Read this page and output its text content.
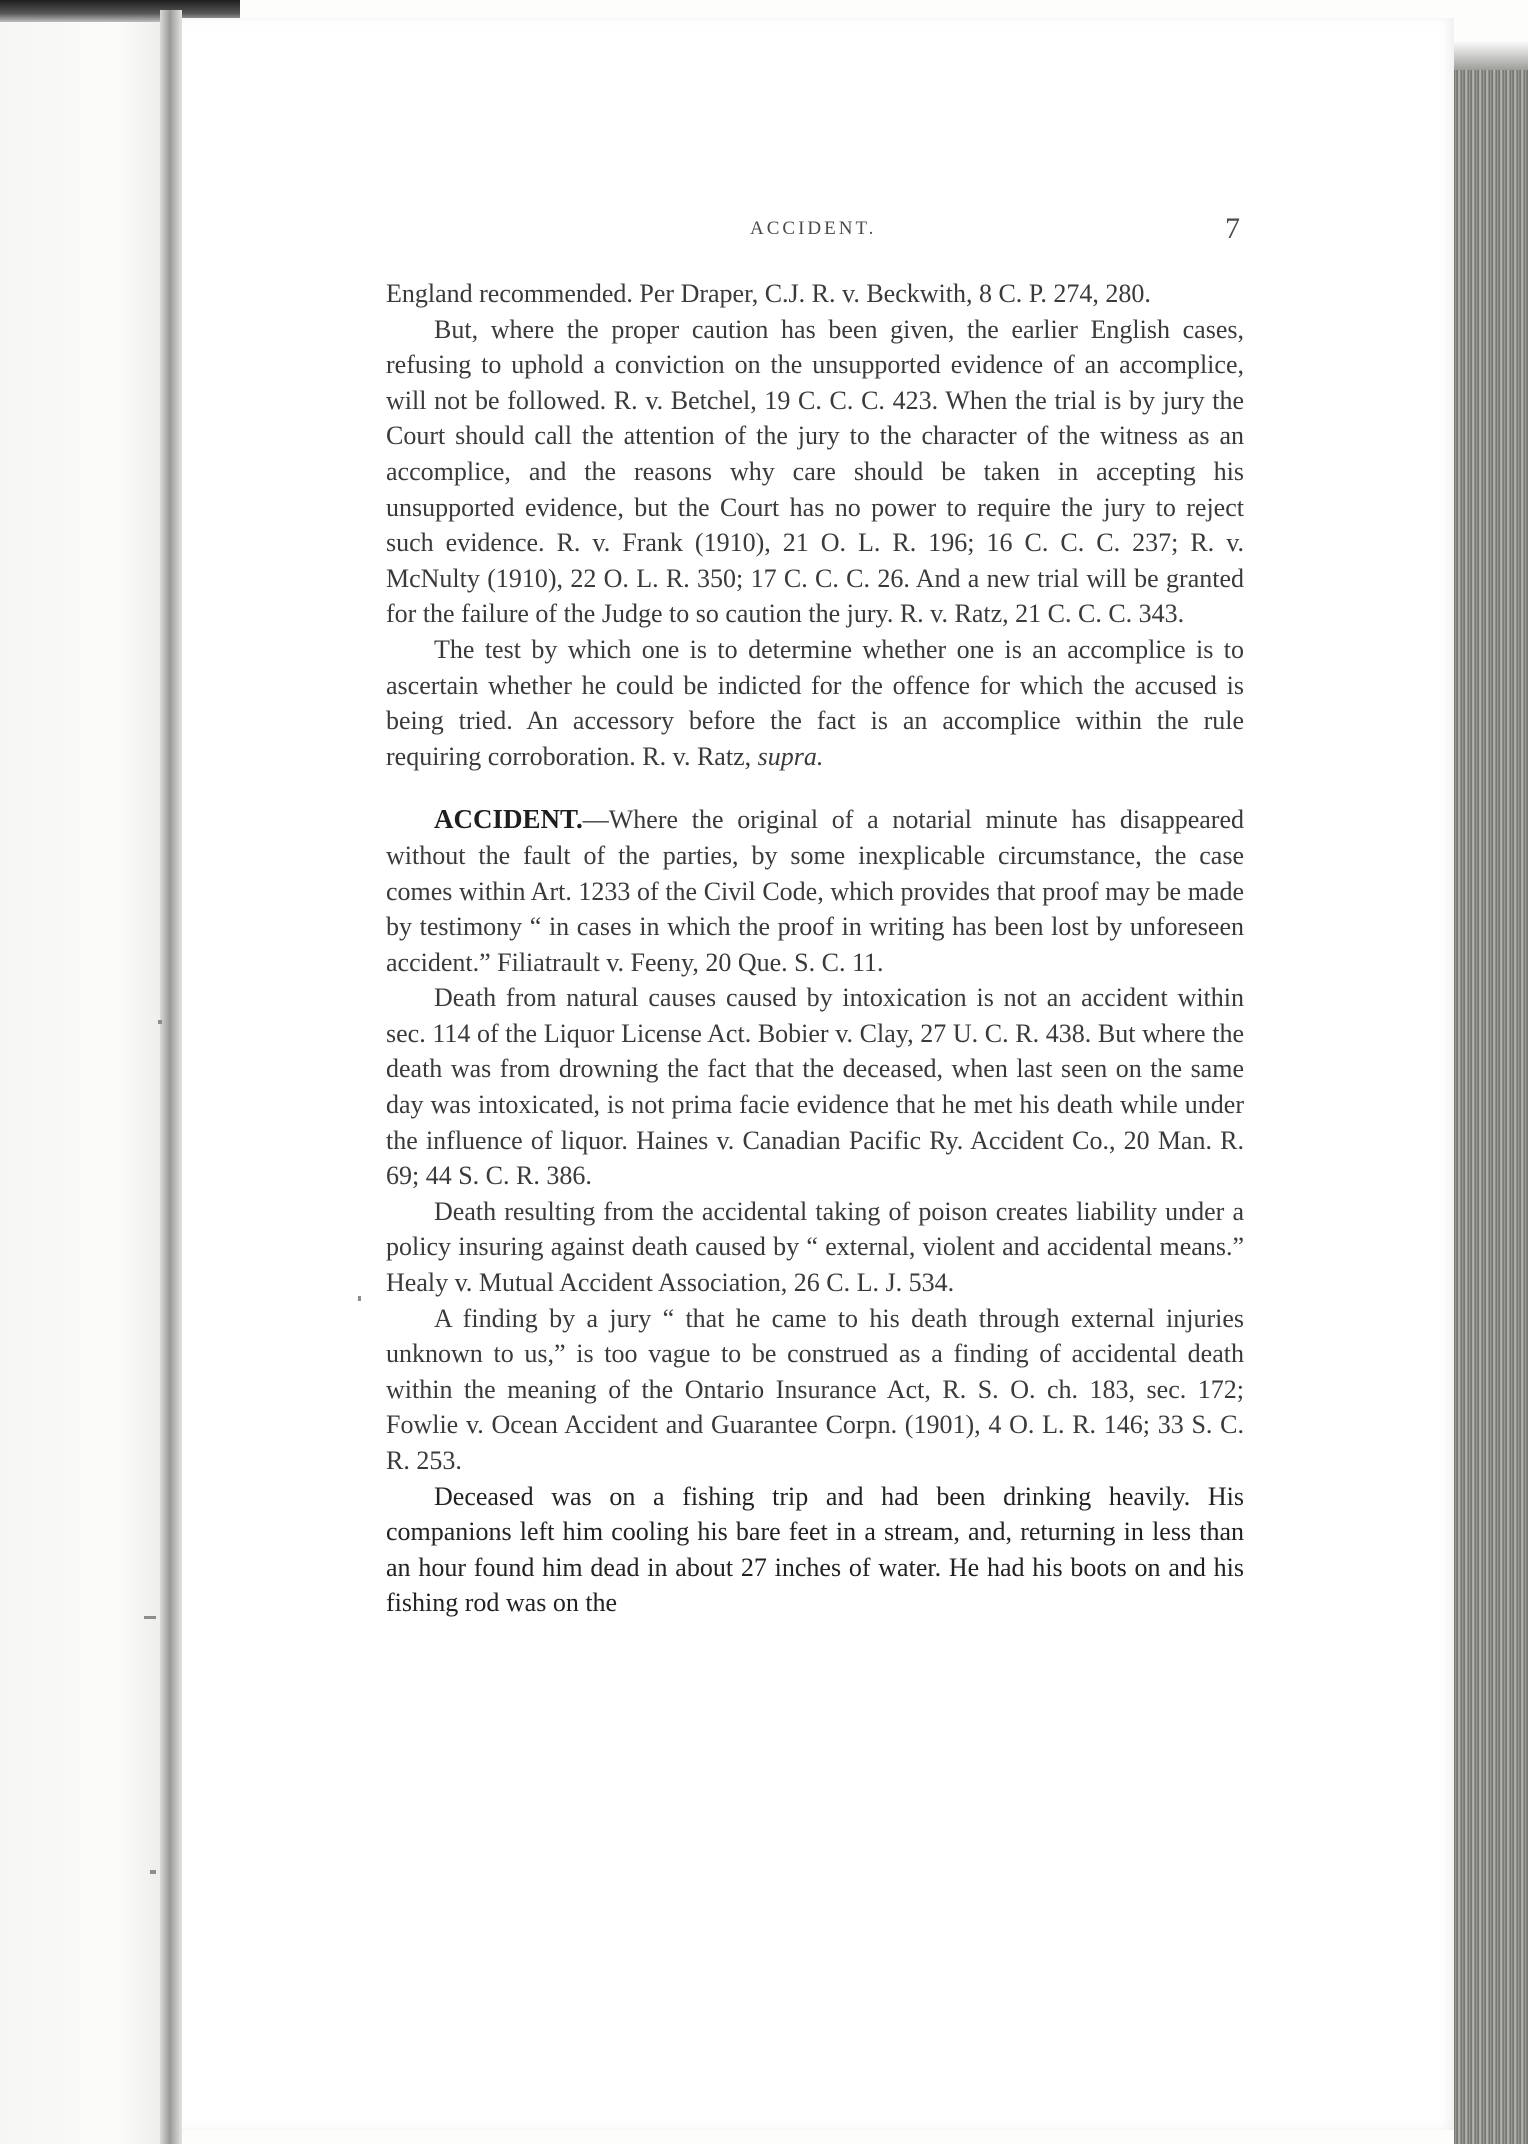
ACCIDENT.	7

England recommended. Per Draper, C.J. R. v. Beckwith, 8 C. P. 274, 280.

But, where the proper caution has been given, the earlier English cases, refusing to uphold a conviction on the unsupported evidence of an accomplice, will not be followed. R. v. Betchel, 19 C. C. C. 423. When the trial is by jury the Court should call the attention of the jury to the character of the witness as an accomplice, and the reasons why care should be taken in accepting his unsupported evidence, but the Court has no power to require the jury to reject such evidence. R. v. Frank (1910), 21 O. L. R. 196; 16 C. C. C. 237; R. v. McNulty (1910), 22 O. L. R. 350; 17 C. C. C. 26. And a new trial will be granted for the failure of the Judge to so caution the jury. R. v. Ratz, 21 C. C. C. 343.

The test by which one is to determine whether one is an accomplice is to ascertain whether he could be indicted for the offence for which the accused is being tried. An accessory before the fact is an accomplice within the rule requiring corroboration. R. v. Ratz, supra.

ACCIDENT.—Where the original of a notarial minute has disappeared without the fault of the parties, by some inexplicable circumstance, the case comes within Art. 1233 of the Civil Code, which provides that proof may be made by testimony “ in cases in which the proof in writing has been lost by unforeseen accident.” Filiatrault v. Feeny, 20 Que. S. C. 11.

Death from natural causes caused by intoxication is not an accident within sec. 114 of the Liquor License Act. Bobier v. Clay, 27 U. C. R. 438. But where the death was from drowning the fact that the deceased, when last seen on the same day was intoxicated, is not prima facie evidence that he met his death while under the influence of liquor. Haines v. Canadian Pacific Ry. Accident Co., 20 Man. R. 69; 44 S. C. R. 386.

Death resulting from the accidental taking of poison creates liability under a policy insuring against death caused by “ external, violent and accidental means.” Healy v. Mutual Accident Association, 26 C. L. J. 534.

A finding by a jury “ that he came to his death through external injuries unknown to us,” is too vague to be construed as a finding of accidental death within the meaning of the Ontario Insurance Act, R. S. O. ch. 183, sec. 172; Fowlie v. Ocean Accident and Guarantee Corpn. (1901), 4 O. L. R. 146; 33 S. C. R. 253.

Deceased was on a fishing trip and had been drinking heavily. His companions left him cooling his bare feet in a stream, and, returning in less than an hour found him dead in about 27 inches of water. He had his boots on and his fishing rod was on the
